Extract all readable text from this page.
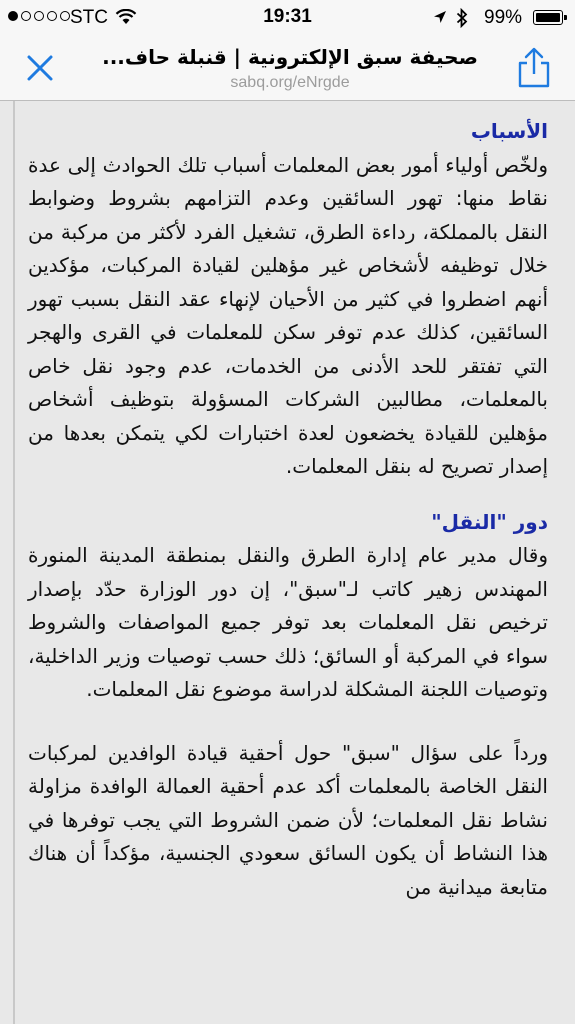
STC	19:31	99%
صحيفة سبق الإلكترونية | قنبلة حاف...
sabq.org/eNrgde

الأسباب

ولخّص أولياء أمور بعض المعلمات أسباب تلك الحوادث إلى عدة نقاط منها: تهور السائقين وعدم التزامهم بشروط وضوابط النقل بالمملكة، رداءة الطرق، تشغيل الفرد لأكثر من مركبة من خلال توظيفه لأشخاص غير مؤهلين لقيادة المركبات، مؤكدين أنهم اضطروا في كثير من الأحيان لإنهاء عقد النقل بسبب تهور السائقين، كذلك عدم توفر سكن للمعلمات في القرى والهجر التي تفتقر للحد الأدنى من الخدمات، عدم وجود نقل خاص بالمعلمات، مطالبين الشركات المسؤولة بتوظيف أشخاص مؤهلين للقيادة يخضعون لعدة اختبارات لكي يتمكن بعدها من إصدار تصريح له بنقل المعلمات.

دور "النقل"

وقال مدير عام إدارة الطرق والنقل بمنطقة المدينة المنورة المهندس زهير كاتب لـ"سبق"، إن دور الوزارة حدّد بإصدار ترخيص نقل المعلمات بعد توفر جميع المواصفات والشروط سواء في المركبة أو السائق؛ ذلك حسب توصيات وزير الداخلية، وتوصيات اللجنة المشكلة لدراسة موضوع نقل المعلمات.

ورداً على سؤال "سبق" حول أحقية قيادة الوافدين لمركبات النقل الخاصة بالمعلمات أكد عدم أحقية العمالة الوافدة مزاولة نشاط نقل المعلمات؛ لأن ضمن الشروط التي يجب توفرها في هذا النشاط أن يكون السائق سعودي الجنسية، مؤكداً أن هناك متابعة ميدانية من
